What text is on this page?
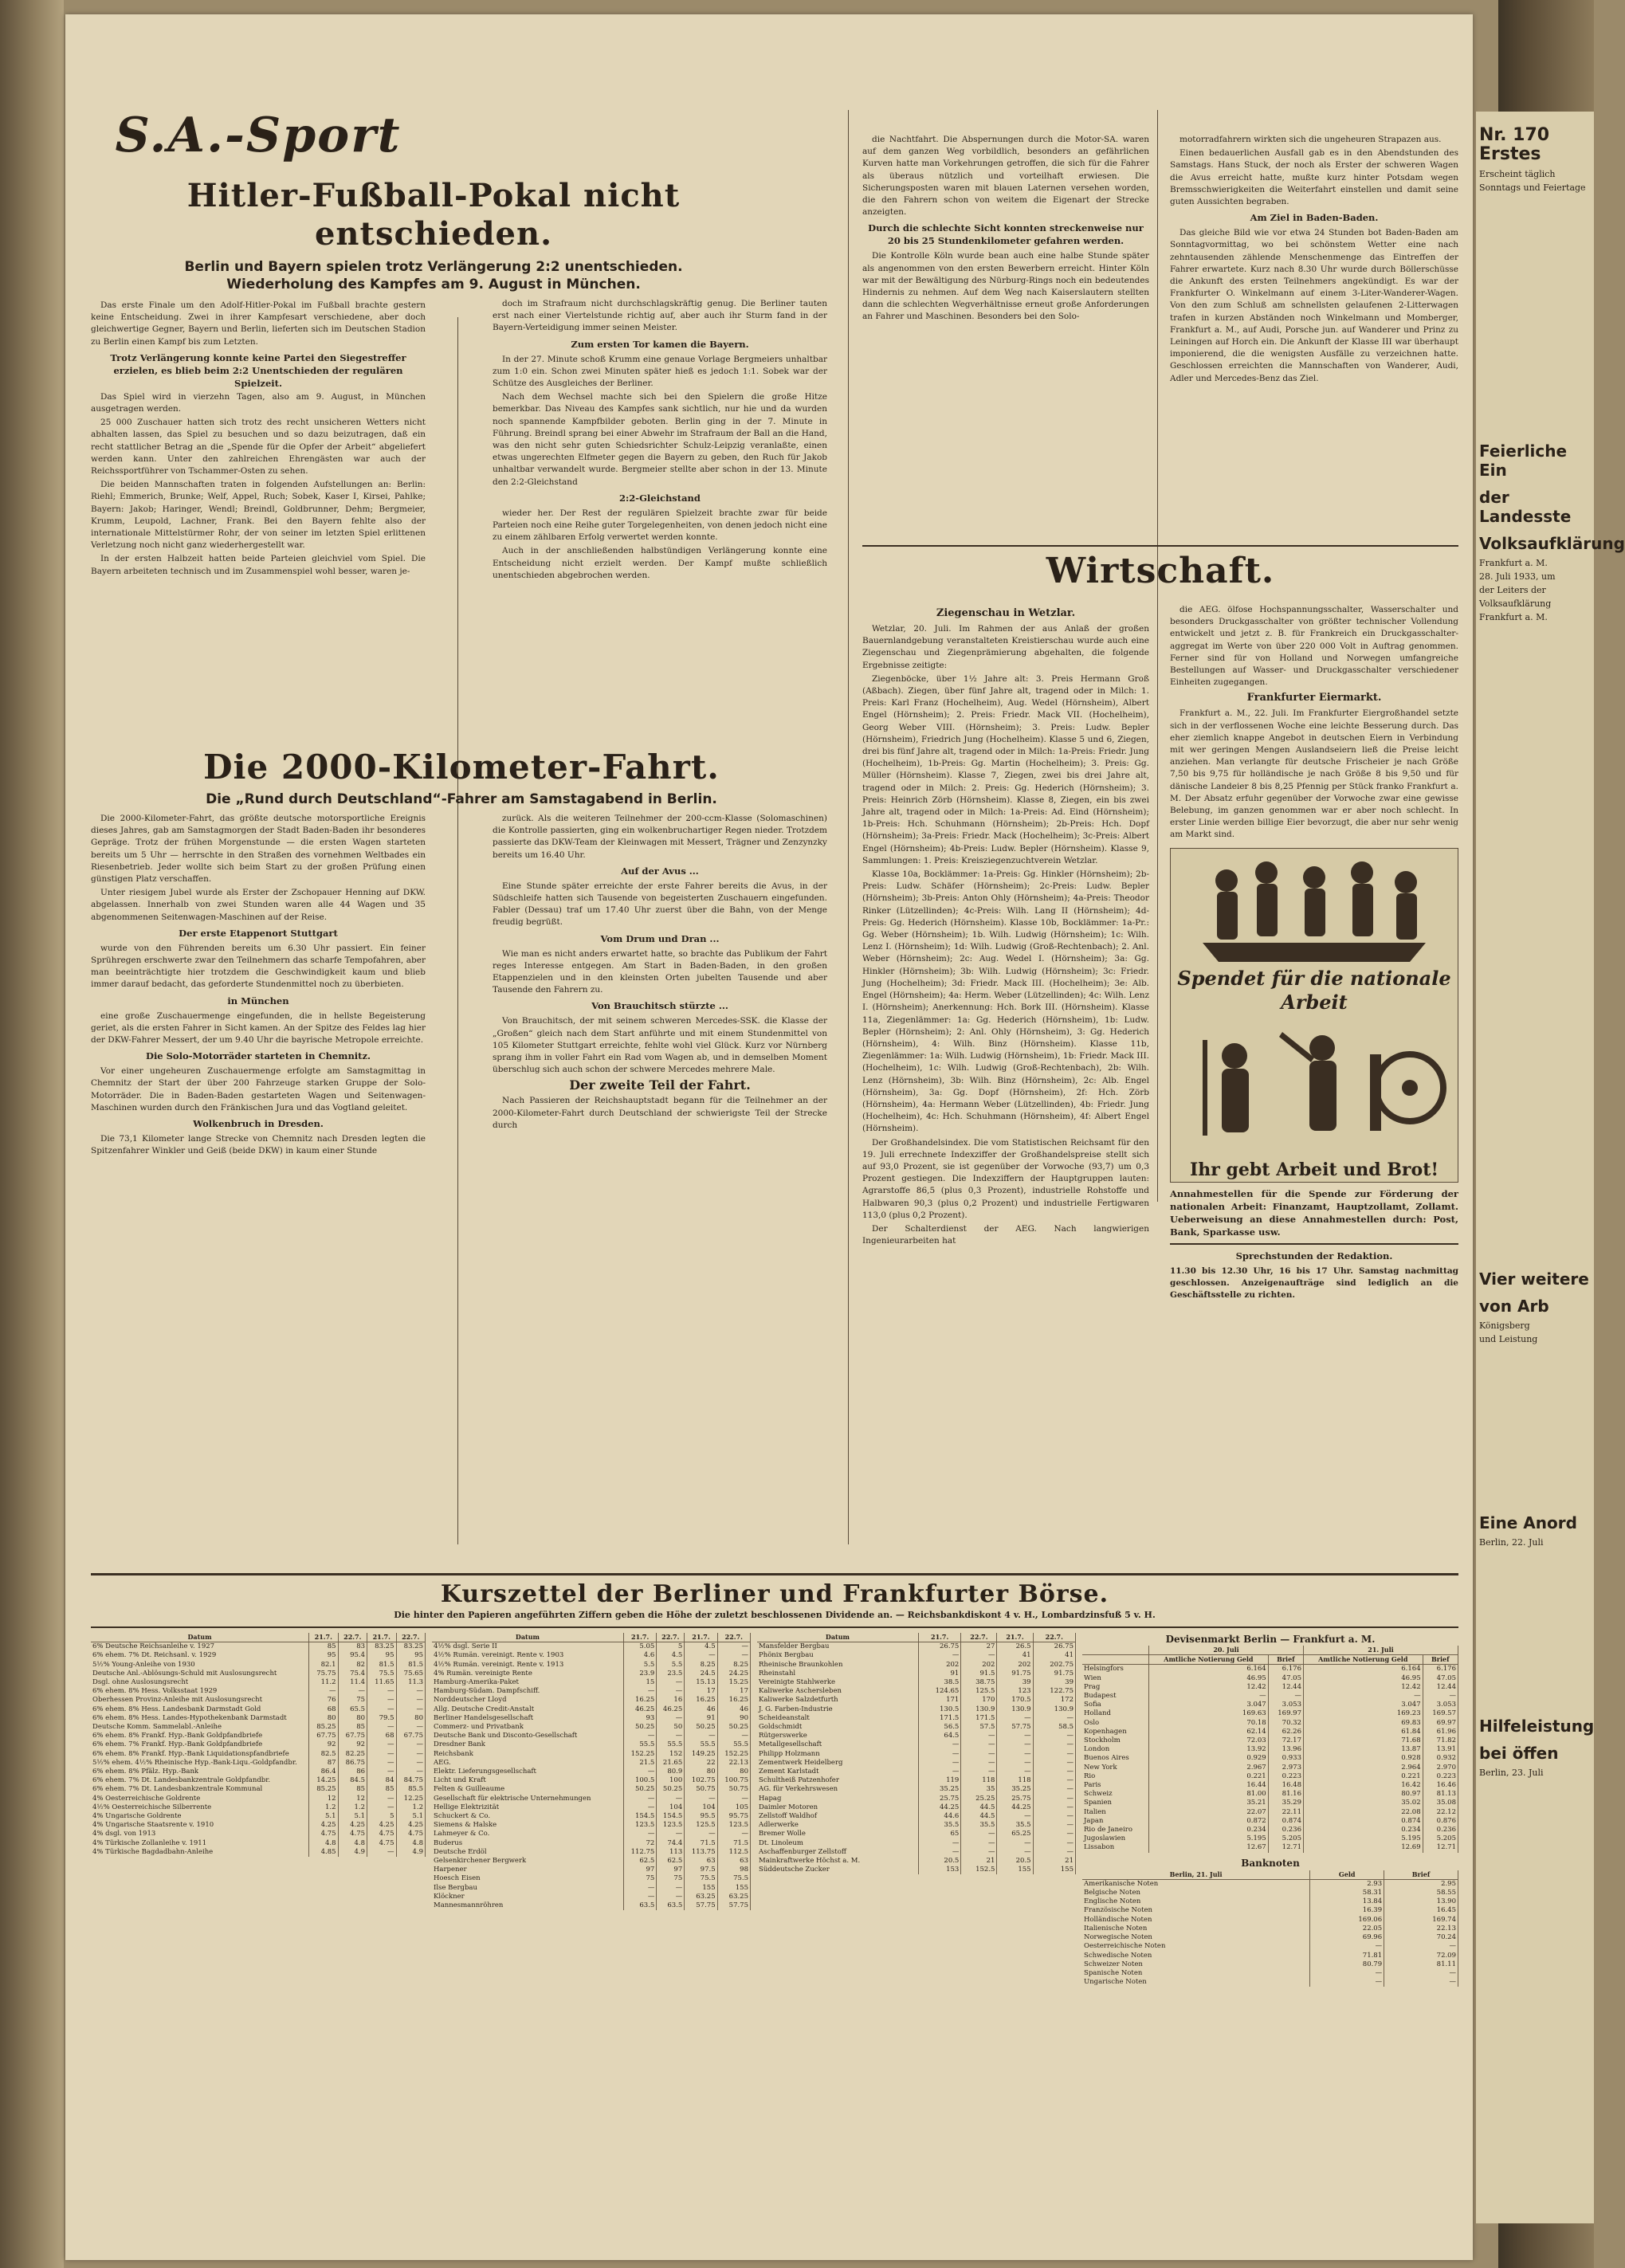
S.A.-Sport
Hitler-Fußball-Pokal nicht entschieden.
Berlin und Bayern spielen trotz Verlängerung 2:2 unentschieden.
Wiederholung des Kampfes am 9. August in München.

Das erste Finale um den Adolf-Hitler-Pokal im Fußball brachte gestern keine Entscheidung. Zwei in ihrer Kampfesart verschiedene, aber doch gleichwertige Gegner, Bayern und Berlin, lieferten sich im Deutschen Stadion zu Berlin einen Kampf bis zum Letzten.

Trotz Verlängerung konnte keine Partei den Siegestreffer erzielen, es blieb beim 2:2 Unentschieden der regulären Spielzeit.

Das Spiel wird in vierzehn Tagen, also am 9. August, in München ausgetragen werden.

25 000 Zuschauer hatten sich trotz des recht unsicheren Wetters nicht abhalten lassen, das Spiel zu besuchen und so dazu beizutragen, daß ein recht stattlicher Betrag an die „Spende für die Opfer der Arbeit“ abgeliefert werden kann. Unter den zahlreichen Ehrengästen war auch der Reichssportführer von Tschammer-Osten zu sehen.

Die beiden Mannschaften traten in folgenden Aufstellungen an: Berlin: Riehl; Emmerich, Brunke; Welf, Appel, Ruch; Sobek, Kaser I, Kirsei, Pahlke; Bayern: Jakob; Haringer, Wendl; Breindl, Goldbrunner, Dehm; Bergmeier, Krumm, Leupold, Lachner, Frank. Bei den Bayern fehlte also der internationale Mittelstürmer Rohr, der von seiner im letzten Spiel erlittenen Verletzung noch nicht ganz wiederhergestellt war.

In der ersten Halbzeit hatten beide Parteien gleichviel vom Spiel. Die Bayern arbeiteten technisch und im Zusammenspiel wohl besser, waren je-

doch im Strafraum nicht durchschlagskräftig genug. Die Berliner tauten erst nach einer Viertelstunde richtig auf, aber auch ihr Sturm fand in der Bayern-Verteidigung immer seinen Meister.

Zum ersten Tor kamen die Bayern.

In der 27. Minute schoß Krumm eine genaue Vorlage Bergmeiers unhaltbar zum 1:0 ein. Schon zwei Minuten später hieß es jedoch 1:1. Sobek war der Schütze des Ausgleiches der Berliner.

Nach dem Wechsel machte sich bei den Spielern die große Hitze bemerkbar. Das Niveau des Kampfes sank sichtlich, nur hie und da wurden noch spannende Kampfbilder geboten. Berlin ging in der 7. Minute in Führung. Breindl sprang bei einer Abwehr im Strafraum der Ball an die Hand, was den nicht sehr guten Schiedsrichter Schulz-Leipzig veranlaßte, einen etwas ungerechten Elfmeter gegen die Bayern zu geben, den Ruch für Jakob unhaltbar verwandelt wurde. Bergmeier stellte aber schon in der 13. Minute den 2:2-Gleichstand

2:2-Gleichstand

wieder her. Der Rest der regulären Spielzeit brachte zwar für beide Parteien noch eine Reihe guter Torgelegenheiten, von denen jedoch nicht eine zu einem zählbaren Erfolg verwertet werden konnte.

Auch in der anschließenden halbstündigen Verlängerung konnte eine Entscheidung nicht erzielt werden. Der Kampf mußte schließlich unentschieden abgebrochen werden.

Die 2000-Kilometer-Fahrt.
Die „Rund durch Deutschland“-Fahrer am Samstagabend in Berlin.

Die 2000-Kilometer-Fahrt, das größte deutsche motorsportliche Ereignis dieses Jahres, gab am Samstagmorgen der Stadt Baden-Baden ihr besonderes Gepräge. Trotz der frühen Morgenstunde — die ersten Wagen starteten bereits um 5 Uhr — herrschte in den Straßen des vornehmen Weltbades ein Riesenbetrieb. Jeder wollte sich beim Start zu der großen Prüfung einen günstigen Platz verschaffen.

Unter riesigem Jubel wurde als Erster der Zschopauer Henning auf DKW. abgelassen. Innerhalb von zwei Stunden waren alle 44 Wagen und 35 abgenommenen Seitenwagen-Maschinen auf der Reise.

Der erste Etappenort Stuttgart

wurde von den Führenden bereits um 6.30 Uhr passiert. Ein feiner Sprühregen erschwerte zwar den Teilnehmern das scharfe Tempofahren, aber man beeinträchtigte hier trotzdem die Geschwindigkeit kaum und blieb immer darauf bedacht, das geforderte Stundenmittel noch zu überbieten.

in München

eine große Zuschauermenge eingefunden, die in hellste Begeisterung geriet, als die ersten Fahrer in Sicht kamen. An der Spitze des Feldes lag hier der DKW-Fahrer Messert, der um 9.40 Uhr die bayrische Metropole erreichte.

Die Solo-Motorräder starteten in Chemnitz.

Vor einer ungeheuren Zuschauermenge erfolgte am Samstagmittag in Chemnitz der Start der über 200 Fahrzeuge starken Gruppe der Solo-Motorräder. Die in Baden-Baden gestarteten Wagen und Seitenwagen-Maschinen wurden durch den Fränkischen Jura und das Vogtland geleitet.

Wolkenbruch in Dresden.

Die 73,1 Kilometer lange Strecke von Chemnitz nach Dresden legten die Spitzenfahrer Winkler und Geiß (beide DKW) in kaum einer Stunde

zurück. Als die weiteren Teilnehmer der 200-ccm-Klasse (Solomaschinen) die Kontrolle passierten, ging ein wolkenbruchartiger Regen nieder. Trotzdem passierte das DKW-Team der Kleinwagen mit Messert, Trägner und Zenzynzky bereits um 16.40 Uhr.

Auf der Avus ...

Eine Stunde später erreichte der erste Fahrer bereits die Avus, in der Südschleife hatten sich Tausende von begeisterten Zuschauern eingefunden. Fabler (Dessau) traf um 17.40 Uhr zuerst über die Bahn, von der Menge freudig begrüßt.

Vom Drum und Dran ...

Wie man es nicht anders erwartet hatte, so brachte das Publikum der Fahrt reges Interesse entgegen. Am Start in Baden-Baden, in den großen Etappenzielen und in den kleinsten Orten jubelten Tausende und aber Tausende den Fahrern zu.

Von Brauchitsch stürzte ...

Von Brauchitsch, der mit seinem schweren Mercedes-SSK. die Klasse der „Großen“ gleich nach dem Start anführte und mit einem Stundenmittel von 105 Kilometer Stuttgart erreichte, fehlte wohl viel Glück. Kurz vor Nürnberg sprang ihm in voller Fahrt ein Rad vom Wagen ab, und in demselben Moment überschlug sich auch schon der schwere Mercedes mehrere Male.

Der zweite Teil der Fahrt.

Nach Passieren der Reichshauptstadt begann für die Teilnehmer an der 2000-Kilometer-Fahrt durch Deutschland der schwierigste Teil der Strecke durch

die Nachtfahrt. Die Abspernungen durch die Motor-SA. waren auf dem ganzen Weg vorbildlich, besonders an gefährlichen Kurven hatte man Vorkehrungen getroffen, die sich für die Fahrer als überaus nützlich und vorteilhaft erwiesen. Die Sicherungsposten waren mit blauen Laternen versehen worden, die den Fahrern schon von weitem die Eigenart der Strecke anzeigten.

Durch die schlechte Sicht konnten streckenweise nur 20 bis 25 Stundenkilometer gefahren werden.

Die Kontrolle Köln wurde bean auch eine halbe Stunde später als angenommen von den ersten Bewerbern erreicht. Hinter Köln war mit der Bewältigung des Nürburg-Rings noch ein bedeutendes Hindernis zu nehmen. Auf dem Weg nach Kaiserslautern stellten dann die schlechten Wegverhältnisse erneut große Anforderungen an Fahrer und Maschinen. Besonders bei den Solo-

motorradfahrern wirkten sich die ungeheuren Strapazen aus.

Einen bedauerlichen Ausfall gab es in den Abendstunden des Samstags. Hans Stuck, der noch als Erster der schweren Wagen die Avus erreicht hatte, mußte kurz hinter Potsdam wegen Bremsschwierigkeiten die Weiterfahrt einstellen und damit seine guten Aussichten begraben.

Am Ziel in Baden-Baden.

Das gleiche Bild wie vor etwa 24 Stunden bot Baden-Baden am Sonntagvormittag, wo bei schönstem Wetter eine nach zehntausenden zählende Menschenmenge das Eintreffen der Fahrer erwartete. Kurz nach 8.30 Uhr wurde durch Böllerschüsse die Ankunft des ersten Teilnehmers angekündigt. Es war der Frankfurter O. Winkelmann auf einem 3-Liter-Wanderer-Wagen. Von den zum Schluß am schnellsten gelaufenen 2-Litterwagen trafen in kurzen Abständen noch Winkelmann und Momberger, Frankfurt a. M., auf Audi, Porsche jun. auf Wanderer und Prinz zu Leiningen auf Horch ein. Die Ankunft der Klasse III war überhaupt imponierend, die die wenigsten Ausfälle zu verzeichnen hatte. Geschlossen erreichten die Mannschaften von Wanderer, Audi, Adler und Mercedes-Benz das Ziel.

Wirtschaft.
Ziegenschau in Wetzlar.

Wetzlar, 20. Juli. Im Rahmen der aus Anlaß der großen Bauernlandgebung veranstalteten Kreistierschau wurde auch eine Ziegenschau und Ziegenprämierung abgehalten, die folgende Ergebnisse zeitigte:

Ziegenböcke, über 1½ Jahre alt: 3. Preis Hermann Groß (Aßbach). Ziegen, über fünf Jahre alt, tragend oder in Milch: 1. Preis: Karl Franz (Hochelheim), Aug. Wedel (Hörnsheim), Albert Engel (Hörnsheim); 2. Preis: Friedr. Mack VII. (Hochelheim), Georg Weber VIII. (Hörnsheim); 3. Preis: Ludw. Bepler (Hörnsheim), Friedrich Jung (Hochelheim). Klasse 5 und 6, Ziegen, drei bis fünf Jahre alt, tragend oder in Milch: 1a-Preis: Friedr. Jung (Hochelheim), 1b-Preis: Gg. Martin (Hochelheim); 3. Preis: Gg. Müller (Hörnsheim). Klasse 7, Ziegen, zwei bis drei Jahre alt, tragend oder in Milch: 2. Preis: Gg. Hederich (Hörnsheim); 3. Preis: Heinrich Zörb (Hörnsheim). Klasse 8, Ziegen, ein bis zwei Jahre alt, tragend oder in Milch: 1a-Preis: Ad. Eind (Hörnsheim); 1b-Preis: Hch. Schuhmann (Hörnsheim); 2b-Preis: Hch. Dopf (Hörnsheim); 3a-Preis: Friedr. Mack (Hochelheim); 3c-Preis: Albert Engel (Hörnsheim); 4b-Preis: Ludw. Bepler (Hörnsheim). Klasse 9, Sammlungen: 1. Preis: Kreisziegenzuchtverein Wetzlar.

Klasse 10a, Bocklämmer: 1a-Preis: Gg. Hinkler (Hörnsheim); 2b-Preis: Ludw. Schäfer (Hörnsheim); 2c-Preis: Ludw. Bepler (Hörnsheim); 3b-Preis: Anton Ohly (Hörnsheim); 4a-Preis: Theodor Rinker (Lützellinden); 4c-Preis: Wilh. Lang II (Hörnsheim); 4d-Preis: Gg. Hederich (Hörnsheim). Klasse 10b, Bocklämmer: 1a-Pr.: Gg. Weber (Hörnsheim); 1b. Wilh. Ludwig (Hörnsheim); 1c: Wilh. Lenz I. (Hörnsheim); 1d: Wilh. Ludwig (Groß-Rechtenbach); 2. Anl. Weber (Hörnsheim); 2c: Aug. Wedel I. (Hörnsheim); 3a: Gg. Hinkler (Hörnsheim); 3b: Wilh. Ludwig (Hörnsheim); 3c: Friedr. Jung (Hochelheim); 3d: Friedr. Mack III. (Hochelheim); 3e: Alb. Engel (Hörnsheim); 4a: Herm. Weber (Lützellinden); 4c: Wilh. Lenz I. (Hörnsheim); Anerkennung: Hch. Bork III. (Hörnsheim). Klasse 11a, Ziegenlämmer: 1a: Gg. Hederich (Hörnsheim), 1b: Ludw. Bepler (Hörnsheim); 2: Anl. Ohly (Hörnsheim), 3: Gg. Hederich (Hörnsheim), 4: Wilh. Binz (Hörnsheim). Klasse 11b, Ziegenlämmer: 1a: Wilh. Ludwig (Hörnsheim), 1b: Friedr. Mack III. (Hochelheim), 1c: Wilh. Ludwig (Groß-Rechtenbach), 2b: Wilh. Lenz (Hörnsheim), 3b: Wilh. Binz (Hörnsheim), 2c: Alb. Engel (Hörnsheim), 3a: Gg. Dopf (Hörnsheim), 2f: Hch. Zörb (Hörnsheim), 4a: Hermann Weber (Lützellinden), 4b: Friedr. Jung (Hochelheim), 4c: Hch. Schuhmann (Hörnsheim), 4f: Albert Engel (Hörnsheim).

Der Großhandelsindex. Die vom Statistischen Reichsamt für den 19. Juli errechnete Indexziffer der Großhandelspreise stellt sich auf 93,0 Prozent, sie ist gegenüber der Vorwoche (93,7) um 0,3 Prozent gestiegen. Die Indexziffern der Hauptgruppen lauten: Agrarstoffe 86,5 (plus 0,3 Prozent), industrielle Rohstoffe und Halbwaren 90,3 (plus 0,2 Prozent) und industrielle Fertigwaren 113,0 (plus 0,2 Prozent).

Der Schalterdienst der AEG. Nach langwierigen Ingenieurarbeiten hat

die AEG. ölfose Hochspannungsschalter, Wasserschalter und besonders Druckgasschalter von größter technischer Vollendung entwickelt und jetzt z. B. für Frankreich ein Druckgasschalter-aggregat im Werte von über 220 000 Volt in Auftrag genommen. Ferner sind für von Holland und Norwegen umfangreiche Bestellungen auf Wasser- und Druckgasschalter verschiedener Einheiten zugegangen.

Frankfurter Eiermarkt.

Frankfurt a. M., 22. Juli. Im Frankfurter Eiergroßhandel setzte sich in der verflossenen Woche eine leichte Besserung durch. Das eher ziemlich knappe Angebot in deutschen Eiern in Verbindung mit wer geringen Mengen Auslandseiern ließ die Preise leicht anziehen. Man verlangte für deutsche Frischeier je nach Größe 7,50 bis 9,75 für holländische je nach Größe 8 bis 9,50 und für dänische Landeier 8 bis 8,25 Pfennig per Stück franko Frankfurt a. M. Der Absatz erfuhr gegenüber der Vorwoche zwar eine gewisse Belebung, im ganzen genommen war er aber noch schlecht. In erster Linie werden billige Eier bevorzugt, die aber nur sehr wenig am Markt sind.

Spendet für die nationale Arbeit
Ihr gebt Arbeit und Brot!
Annahmestellen für die Spende zur Förderung der nationalen Arbeit: Finanzamt, Hauptzollamt, Zollamt. Ueberweisung an diese Annahmestellen durch: Post, Bank, Sparkasse usw.
Sprechstunden der Redaktion.
11.30 bis 12.30 Uhr, 16 bis 17 Uhr. Samstag nachmittag geschlossen. Anzeigenaufträge sind lediglich an die Geschäftsstelle zu richten.
Kurszettel der Berliner und Frankfurter Börse.
Die hinter den Papieren angeführten Ziffern geben die Höhe der zuletzt beschlossenen Dividende an. — Reichsbankdiskont 4 v. H., Lombardzinsfuß 5 v. H.
Datum	21.7.	22.7.	21.7.	22.7.
6% Deutsche Reichsanleihe v. 1927	85	83	83.25	83.25
6% ehem. 7% Dt. Reichsanl. v. 1929	95	95.4	95	95
5½% Young-Anleihe von 1930	82.1	82	81.5	81.5
Deutsche Anl.-Ablösungs-Schuld mit Auslosungsrecht	75.75	75.4	75.5	75.65
Dsgl. ohne Auslosungsrecht	11.2	11.4	11.65	11.3
6% ehem. 8% Hess. Volksstaat 1929	—	—	—	—
Oberhessen Provinz-Anleihe mit Auslosungsrecht	76	75	—	—
6% ehem. 8% Hess. Landesbank Darmstadt Gold	68	65.5	—	—
6% ehem. 8% Hess. Landes-Hypothekenbank Darmstadt	80	80	79.5	80
Deutsche Komm. Sammelabl.-Anleihe	85.25	85	—	—
6% ehem. 8% Frankf. Hyp.-Bank Goldpfandbriefe	67.75	67.75	68	67.75
6% ehem. 7% Frankf. Hyp.-Bank Goldpfandbriefe	92	92	—	—
6% ehem. 8% Frankf. Hyp.-Bank Liquidationspfandbriefe	82.5	82.25	—	—
5½% ehem. 4½% Rheinische Hyp.-Bank-Liqu.-Goldpfandbr.	87	86.75	—	—
6% ehem. 8% Pfälz. Hyp.-Bank	86.4	86	—	—
6% ehem. 7% Dt. Landesbankzentrale Goldpfandbr.	14.25	84.5	84	84.75
6% ehem. 7% Dt. Landesbankzentrale Kommunal	85.25	85	85	85.5
4% Oesterreichische Goldrente	12	12	—	12.25
4½% Oesterreichische Silberrente	1.2	1.2	—	1.2
4% Ungarische Goldrente	5.1	5.1	5	5.1
4% Ungarische Staatsrente v. 1910	4.25	4.25	4.25	4.25
4% dsgl. von 1913	4.75	4.75	4.75	4.75
4% Türkische Zollanleihe v. 1911	4.8	4.8	4.75	4.8
4% Türkische Bagdadbahn-Anleihe	4.85	4.9	—	4.9
Datum	21.7.	22.7.	21.7.	22.7.
4½% dsgl. Serie II	5.05	5	4.5	—
4½% Rumän. vereinigt. Rente v. 1903	4.6	4.5	—	—
4½% Rumän. vereinigt. Rente v. 1913	5.5	5.5	8.25	8.25
4% Rumän. vereinigte Rente	23.9	23.5	24.5	24.25
Hamburg-Amerika-Paket	15	—	15.13	15.25
Hamburg-Südam. Dampfschiff.	—	—	17	17
Norddeutscher Lloyd	16.25	16	16.25	16.25
Allg. Deutsche Credit-Anstalt	46.25	46.25	46	46
Berliner Handelsgesellschaft	93	—	91	90
Commerz- und Privatbank	50.25	50	50.25	50.25
Deutsche Bank und Disconto-Gesellschaft	—	—	—	—
Dresdner Bank	55.5	55.5	55.5	55.5
Reichsbank	152.25	152	149.25	152.25
AEG.	21.5	21.65	22	22.13
Elektr. Lieferungsgesellschaft	—	80.9	80	80
Licht und Kraft	100.5	100	102.75	100.75
Felten & Guilleaume	50.25	50.25	50.75	50.75
Gesellschaft für elektrische Unternehmungen	—	—	—	—
Hellige Elektrizität	—	104	104	105
Schuckert & Co.	154.5	154.5	95.5	95.75
Siemens & Halske	123.5	123.5	125.5	123.5
Lahmeyer & Co.	—	—	—	—
Buderus	72	74.4	71.5	71.5
Deutsche Erdöl	112.75	113	113.75	112.5
Gelsenkirchener Bergwerk	62.5	62.5	63	63
Harpener	97	97	97.5	98
Hoesch Eisen	75	75	75.5	75.5
Ilse Bergbau	—	—	155	155
Klöckner	—	—	63.25	63.25
Mannesmannröhren	63.5	63.5	57.75	57.75
Datum	21.7.	22.7.	21.7.	22.7.
Mansfelder Bergbau	26.75	27	26.5	26.75
Phönix Bergbau	—	—	41	41
Rheinische Braunkohlen	202	202	202	202.75
Rheinstahl	91	91.5	91.75	91.75
Vereinigte Stahlwerke	38.5	38.75	39	39
Kaliwerke Aschersleben	124.65	125.5	123	122.75
Kaliwerke Salzdetfurth	171	170	170.5	172
J. G. Farben-Industrie	130.5	130.9	130.9	130.9
Scheideanstalt	171.5	171.5	—	—
Goldschmidt	56.5	57.5	57.75	58.5
Rütgerswerke	64.5	—	—	—
Metallgesellschaft	—	—	—	—
Philipp Holzmann	—	—	—	—
Zementwerk Heidelberg	—	—	—	—
Zement Karlstadt	—	—	—	—
Schultheiß Patzenhofer	119	118	118	—
AG. für Verkehrswesen	35.25	35	35.25	—
Hapag	25.75	25.25	25.75	—
Daimler Motoren	44.25	44.5	44.25	—
Zellstoff Waldhof	44.6	44.5	—	—
Adlerwerke	35.5	35.5	35.5	—
Bremer Wolle	65	—	65.25	—
Dt. Linoleum	—	—	—	—
Aschaffenburger Zellstoff	—	—	—	—
Mainkraftwerke Höchst a. M.	20.5	21	20.5	21
Süddeutsche Zucker	153	152.5	155	155
Devisenmarkt Berlin — Frankfurt a. M.
	20. Juli		21. Juli	
	Amtliche Notierung Geld	Brief	Amtliche Notierung Geld	Brief
Helsingfors	6.164	6.176	6.164	6.176
Wien	46.95	47.05	46.95	47.05
Prag	12.42	12.44	12.42	12.44
Budapest	—	—	—	—
Sofia	3.047	3.053	3.047	3.053
Holland	169.63	169.97	169.23	169.57
Oslo	70.18	70.32	69.83	69.97
Kopenhagen	62.14	62.26	61.84	61.96
Stockholm	72.03	72.17	71.68	71.82
London	13.92	13.96	13.87	13.91
Buenos Aires	0.929	0.933	0.928	0.932
New York	2.967	2.973	2.964	2.970
Rio	0.221	0.223	0.221	0.223
Paris	16.44	16.48	16.42	16.46
Schweiz	81.00	81.16	80.97	81.13
Spanien	35.21	35.29	35.02	35.08
Italien	22.07	22.11	22.08	22.12
Japan	0.872	0.874	0.874	0.876
Rio de Janeiro	0.234	0.236	0.234	0.236
Jugoslawien	5.195	5.205	5.195	5.205
Lissabon	12.67	12.71	12.69	12.71
Banknoten
Berlin, 21. Juli	Geld	Brief
Amerikanische Noten	2.93	2.95
Belgische Noten	58.31	58.55
Englische Noten	13.84	13.90
Französische Noten	16.39	16.45
Holländische Noten	169.06	169.74
Italienische Noten	22.05	22.13
Norwegische Noten	69.96	70.24
Oesterreichische Noten	—	—
Schwedische Noten	71.81	72.09
Schweizer Noten	80.79	81.11
Spanische Noten	—	—
Ungarische Noten	—	—
Nr. 170 Erstes
Erscheint täglich
Sonntags und Feiertage
Feierliche Ein
der Landesste
Volksaufklärung
Frankfurt a. M.
28. Juli 1933, um
der Leiters der
Volksaufklärung
Frankfurt a. M.
Vier weitere
von Arb
Königsberg
und Leistung
Eine Anord
Berlin, 22. Juli
Hilfeleistung
bei öffen
Berlin, 23. Juli
